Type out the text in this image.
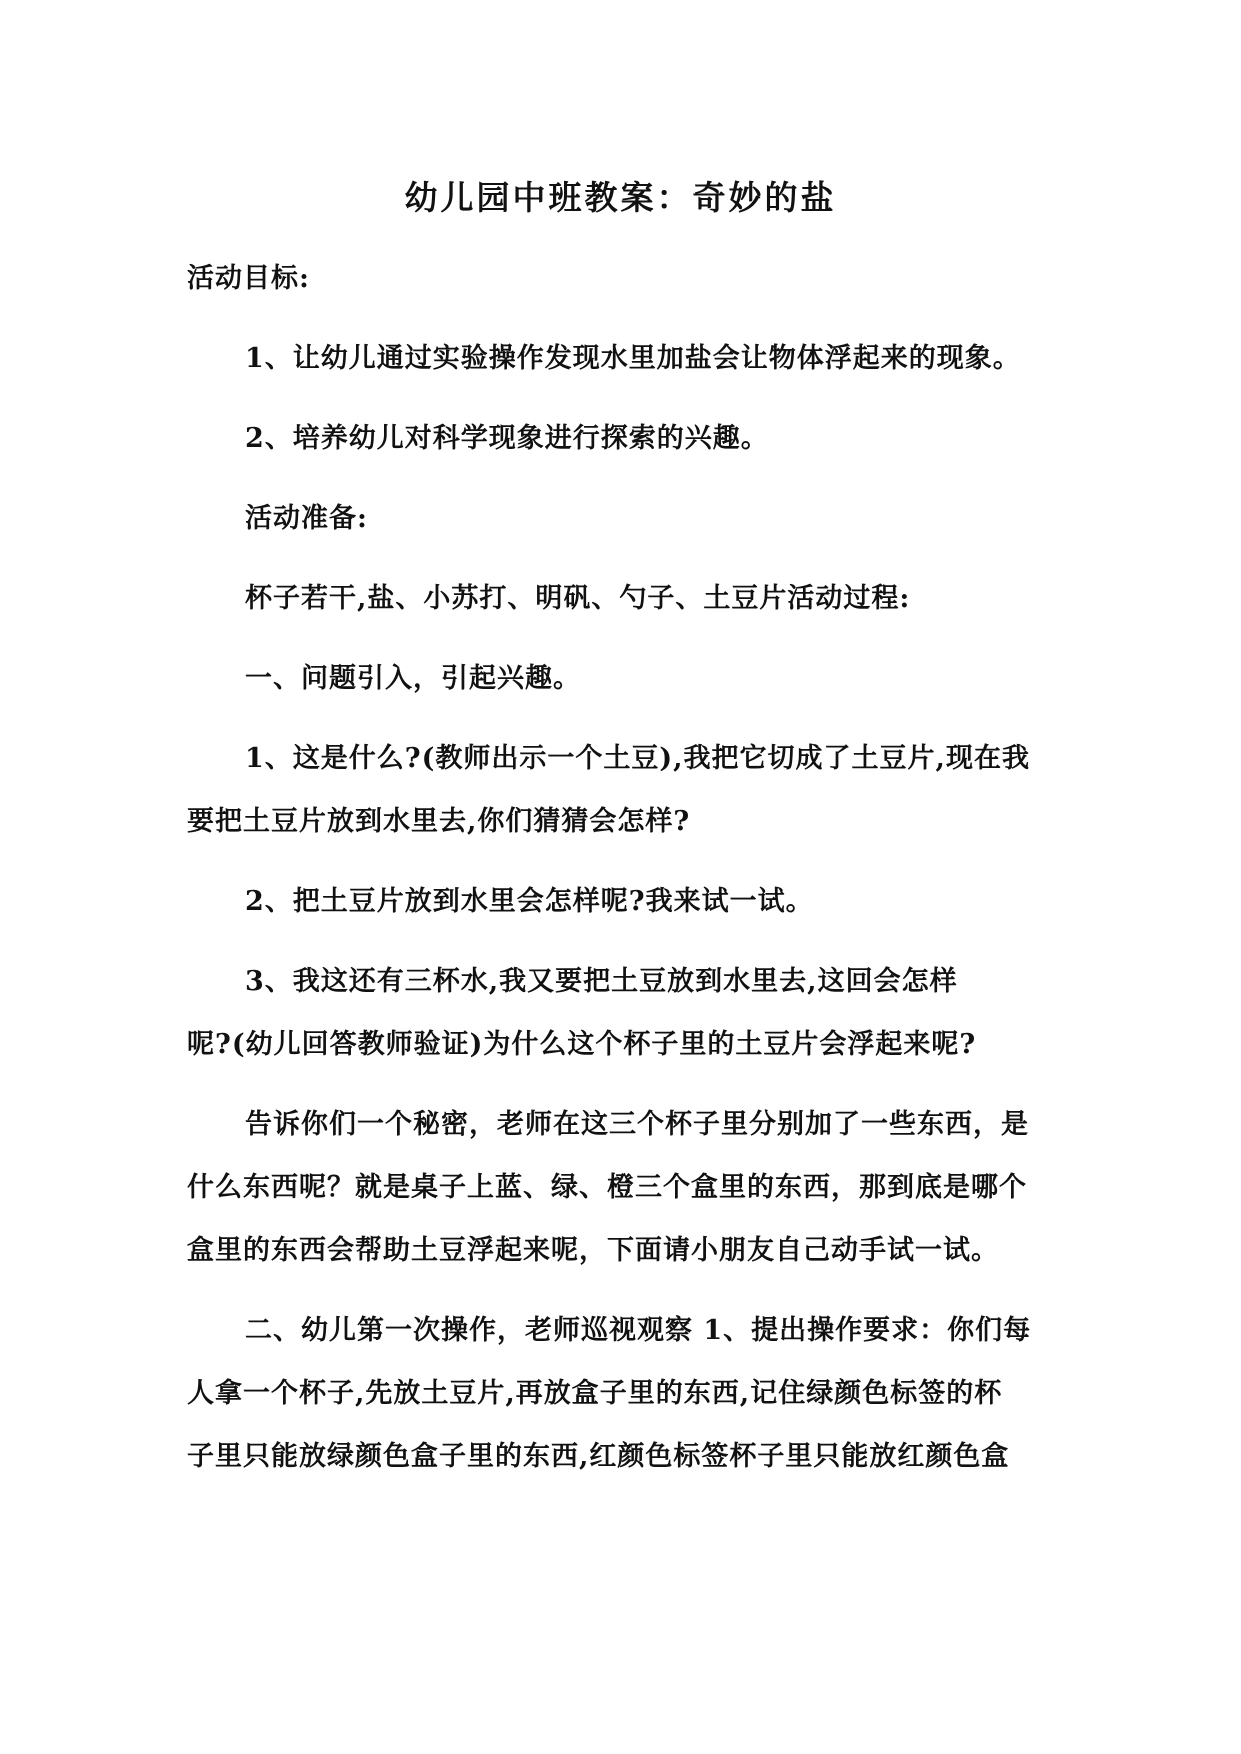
幼儿园中班教案：奇妙的盐
活动目标:
1、让幼儿通过实验操作发现水里加盐会让物体浮起来的现象。
2、培养幼儿对科学现象进行探索的兴趣。
活动准备:
杯子若干,盐、小苏打、明矾、勺子、土豆片活动过程:
一、问题引入，引起兴趣。
1、这是什么?(教师出示一个土豆),我把它切成了土豆片,现在我
要把土豆片放到水里去,你们猜猜会怎样?
2、把土豆片放到水里会怎样呢?我来试一试。
3、我这还有三杯水,我又要把土豆放到水里去,这回会怎样
呢?(幼儿回答教师验证)为什么这个杯子里的土豆片会浮起来呢?
告诉你们一个秘密，老师在这三个杯子里分别加了一些东西，是
什么东西呢？就是桌子上蓝、绿、橙三个盒里的东西，那到底是哪个
盒里的东西会帮助土豆浮起来呢，下面请小朋友自己动手试一试。
二、幼儿第一次操作，老师巡视观察 1、提出操作要求：你们每
人拿一个杯子,先放土豆片,再放盒子里的东西,记住绿颜色标签的杯
子里只能放绿颜色盒子里的东西,红颜色标签杯子里只能放红颜色盒
